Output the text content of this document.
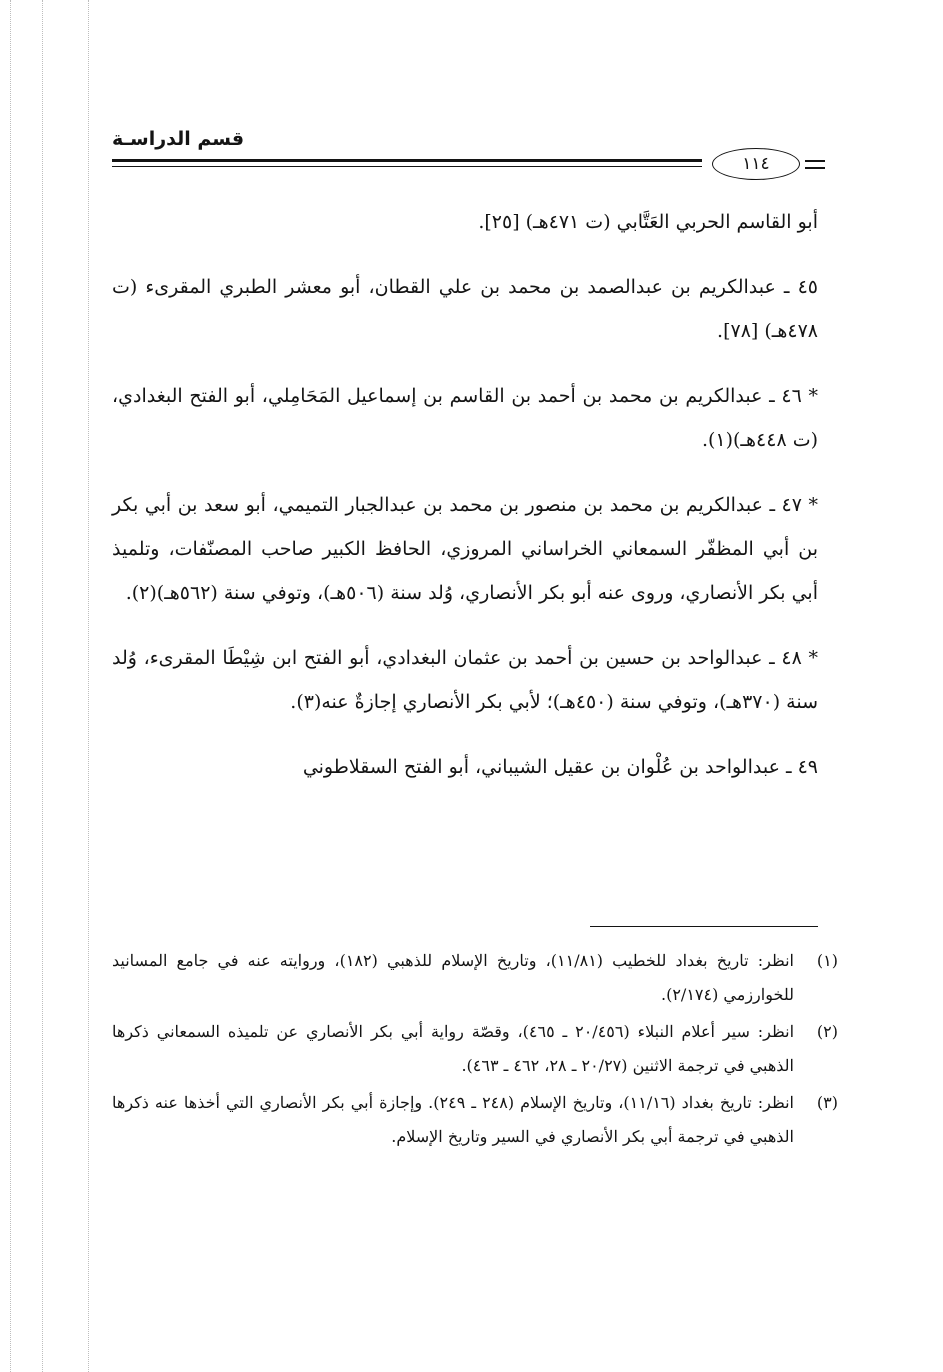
قسم الدراسـة
١١٤

أبو القاسم الحربي العَتَّابي (ت ٤٧١هـ) [٢٥].

٤٥ ـ عبدالكريم بن عبدالصمد بن محمد بن علي القطان، أبو معشر الطبري المقرىء (ت ٤٧٨هـ) [٧٨].

* ٤٦ ـ عبدالكريم بن محمد بن أحمد بن القاسم بن إسماعيل المَحَامِلي، أبو الفتح البغدادي، (ت ٤٤٨هـ)(١).

* ٤٧ ـ عبدالكريم بن محمد بن منصور بن محمد بن عبدالجبار التميمي، أبو سعد بن أبي بكر بن أبي المظفّر السمعاني الخراساني المروزي، الحافظ الكبير صاحب المصنّفات، وتلميذ أبي بكر الأنصاري، وروى عنه أبو بكر الأنصاري، وُلد سنة (٥٠٦هـ)، وتوفي سنة (٥٦٢هـ)(٢).

* ٤٨ ـ عبدالواحد بن حسين بن أحمد بن عثمان البغدادي، أبو الفتح ابن شِيْطَا المقرىء، وُلد سنة (٣٧٠هـ)، وتوفي سنة (٤٥٠هـ)؛ لأبي بكر الأنصاري إجازةٌ عنه(٣).

٤٩ ـ عبدالواحد بن عُلْوان بن عقيل الشيباني، أبو الفتح السقلاطوني

(١)
انظر: تاريخ بغداد للخطيب (١١/٨١)، وتاريخ الإسلام للذهبي (١٨٢)، وروايته عنه في جامع المسانيد للخوارزمي (٢/١٧٤).
(٢)
انظر: سير أعلام النبلاء (٢٠/٤٥٦ ـ ٤٦٥)، وقصّة رواية أبي بكر الأنصاري عن تلميذه السمعاني ذكرها الذهبي في ترجمة الاثنين (٢٠/٢٧ ـ ٢٨، ٤٦٢ ـ ٤٦٣).
(٣)
انظر: تاريخ بغداد (١١/١٦)، وتاريخ الإسلام (٢٤٨ ـ ٢٤٩). وإجازة أبي بكر الأنصاري التي أخذها عنه ذكرها الذهبي في ترجمة أبي بكر الأنصاري في السير وتاريخ الإسلام.
